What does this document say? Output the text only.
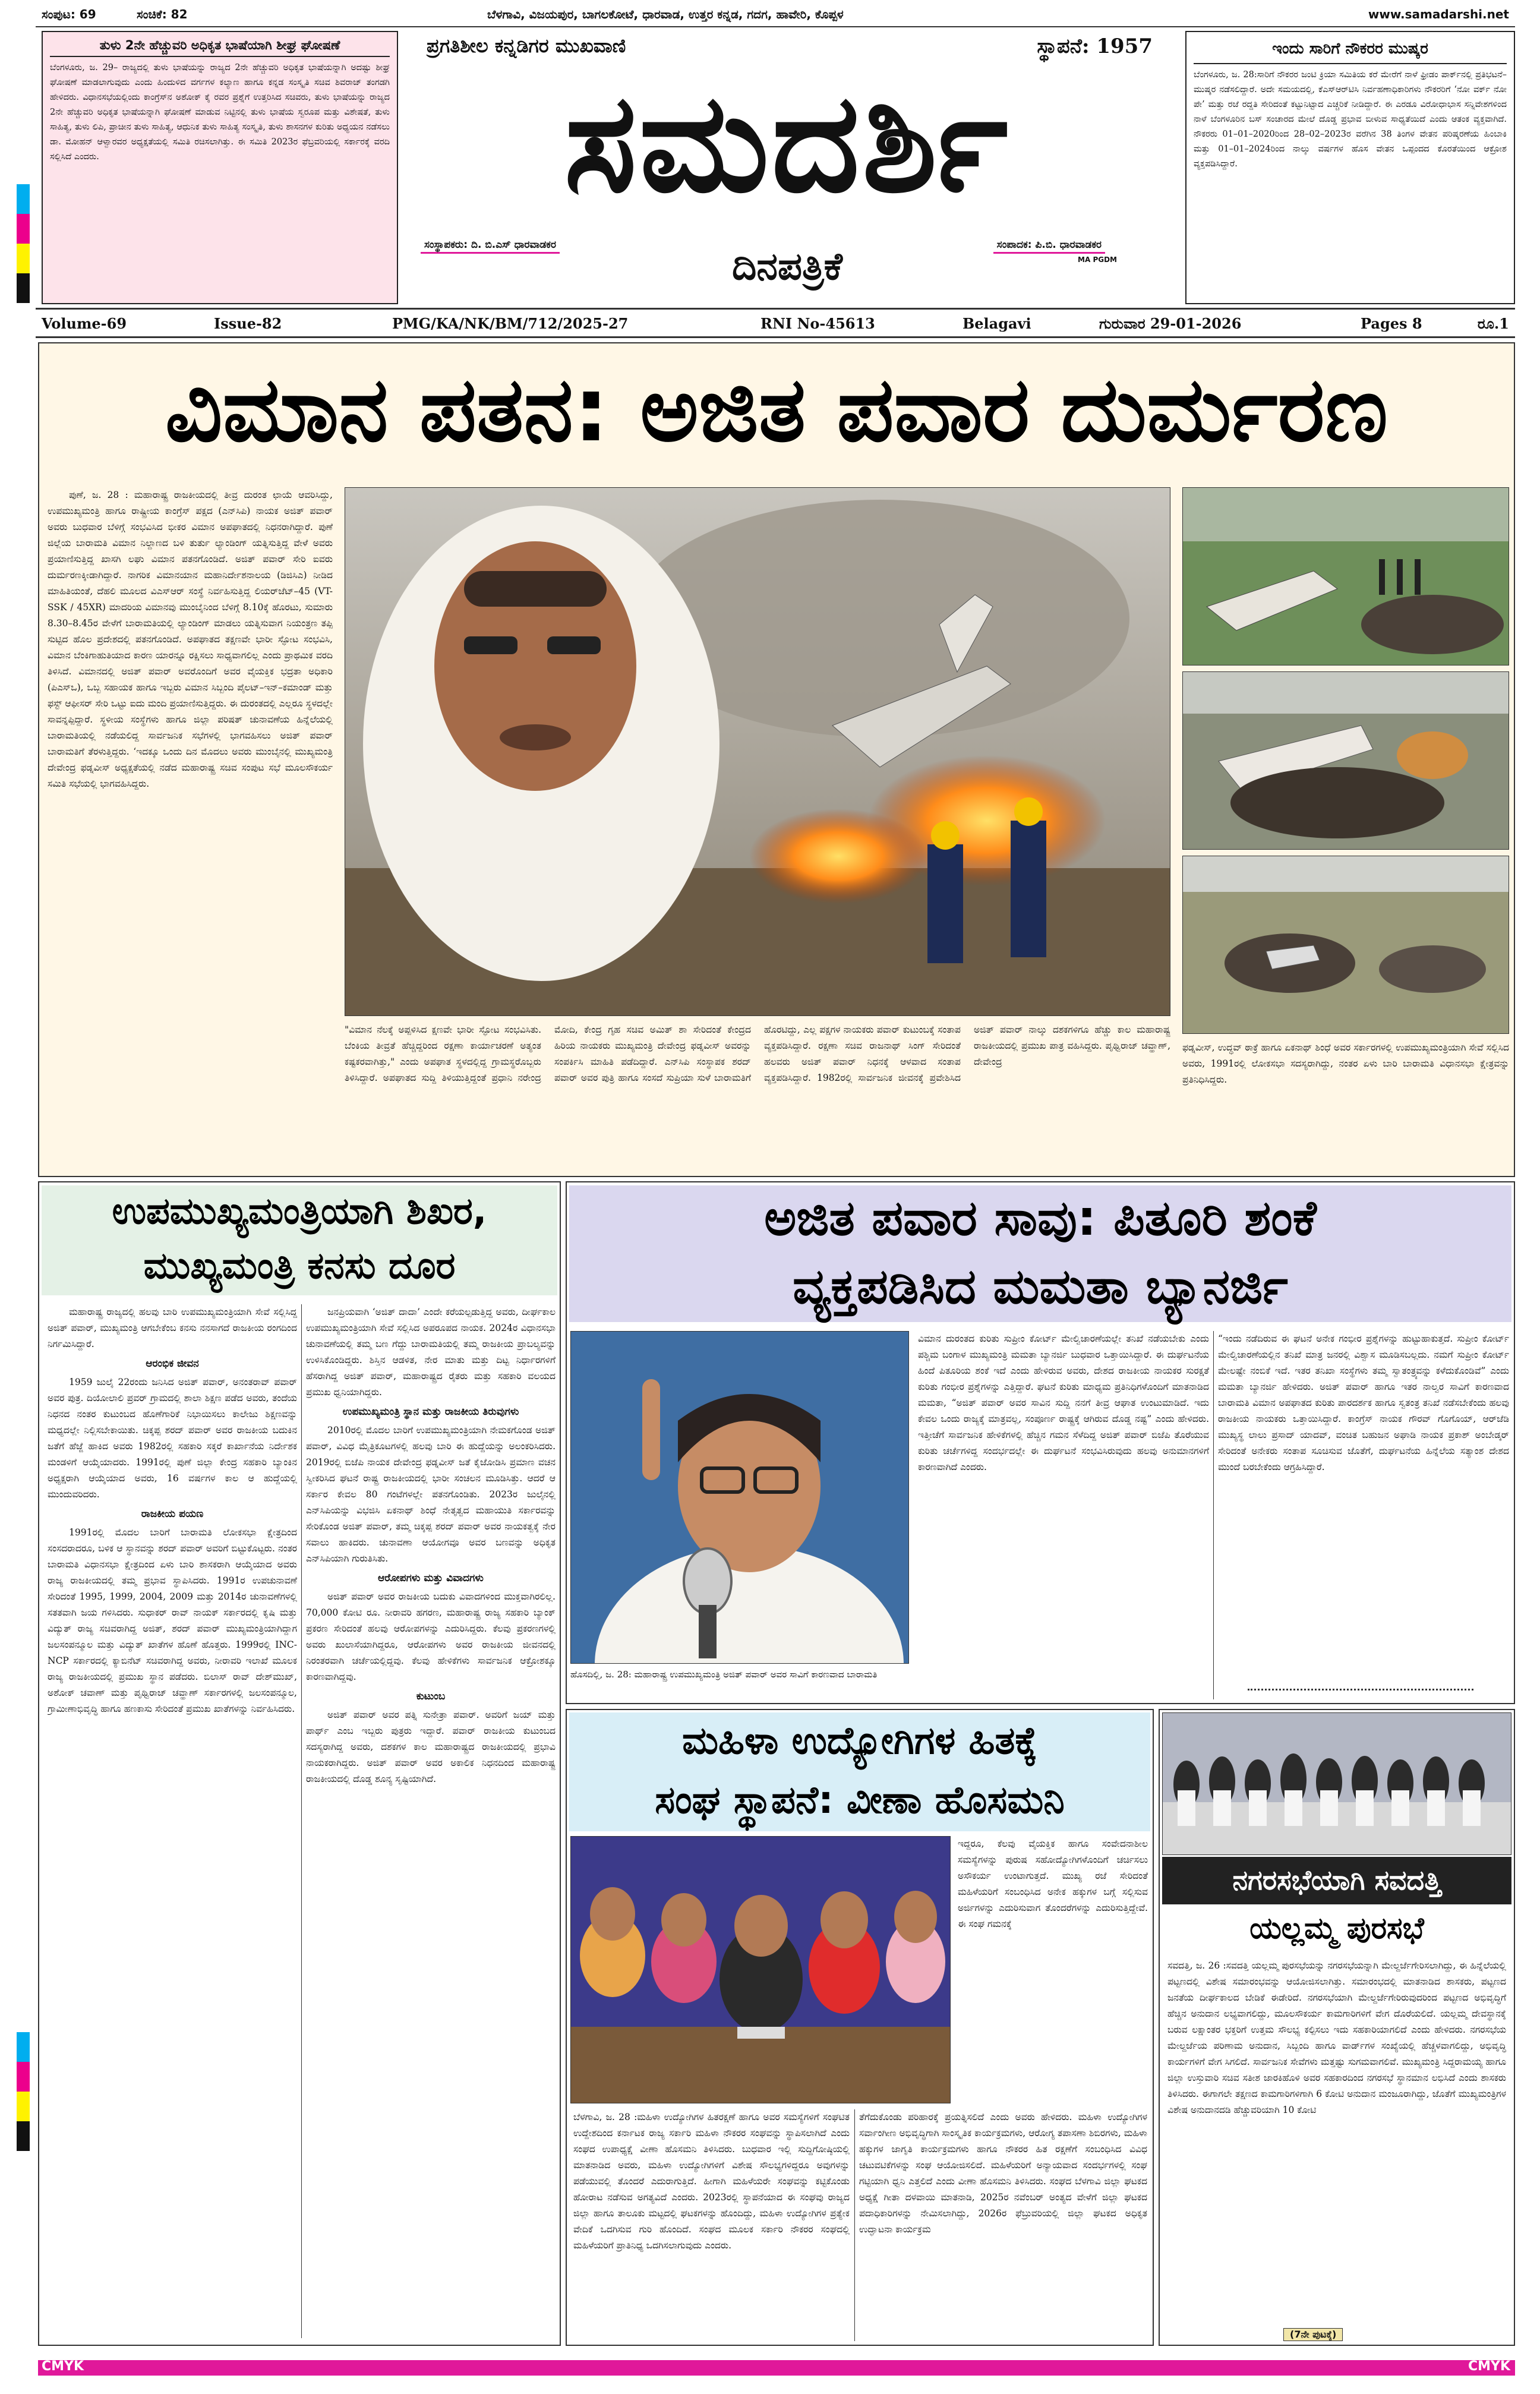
ಸಂಪುಟ: 69	ಸಂಚಿಕೆ: 82	ಬೆಳಗಾವಿ, ವಿಜಯಪುರ, ಬಾಗಲಕೋಟೆ, ಧಾರವಾಡ, ಉತ್ತರ ಕನ್ನಡ, ಗದಗ, ಹಾವೇರಿ, ಕೊಪ್ಪಳ	www.samadarshi.net
ತುಳು 2ನೇ ಹೆಚ್ಚುವರಿ ಅಧಿಕೃತ ಭಾಷೆಯಾಗಿ ಶೀಘ್ರ ಘೋಷಣೆ
ಬೆಂಗಳೂರು, ಜ. 29– ರಾಜ್ಯದಲ್ಲಿ ತುಳು ಭಾಷೆಯನ್ನು ರಾಜ್ಯದ 2ನೇ ಹೆಚ್ಚುವರಿ ಅಧಿಕೃತ ಭಾಷೆಯನ್ನಾಗಿ ಅದಷ್ಟು ಶೀಘ್ರ ಘೋಷಣೆ ಮಾಡಲಾಗುವುದು ಎಂದು ಹಿಂದುಳಿದ ವರ್ಗಗಳ ಕಲ್ಯಾಣ ಹಾಗೂ ಕನ್ನಡ ಸಂಸ್ಕೃತಿ ಸಚಿವ ಶಿವರಾಜ್ ತಂಗಡಗಿ ಹೇಳಿದರು. ವಿಧಾನಸಭೆಯಲ್ಲಿಂದು ಕಾಂಗ್ರೆಸ್‌ನ ಅಶೋಕ್ ಕೈ ರವರ ಪ್ರಶ್ನೆಗೆ ಉತ್ತರಿಸಿದ ಸಚಿವರು, ತುಳು ಭಾಷೆಯನ್ನು ರಾಜ್ಯದ 2ನೇ ಹೆಚ್ಚುವರಿ ಅಧಿಕೃತ ಭಾಷೆಯನ್ನಾಗಿ ಘೋಷಣೆ ಮಾಡುವ ನಿಟ್ಟಿನಲ್ಲಿ ತುಳು ಭಾಷೆಯ ಸ್ವರೂಪ ಮತ್ತು ವಿಶೇಷತೆ, ತುಳು ಸಾಹಿತ್ಯ, ತುಳು ಲಿಪಿ, ಪ್ರಾಚೀನ ತುಳು ಸಾಹಿತ್ಯ, ಆಧುನಿಕ ತುಳು ಸಾಹಿತ್ಯ ಸಂಸ್ಕೃತಿ, ತುಳು ಶಾಸನಗಳ ಕುರಿತು ಅಧ್ಯಯನ ನಡೆಸಲು ಡಾ. ಮೋಹನ್ ಆಳ್ವಾರವರ ಅಧ್ಯಕ್ಷತೆಯಲ್ಲಿ ಸಮಿತಿ ರಚಿಸಲಾಗಿತ್ತು. ಈ ಸಮಿತಿ 2023ರ ಫೆಬ್ರವರಿಯಲ್ಲಿ ಸರ್ಕಾರಕ್ಕೆ ವರದಿ ಸಲ್ಲಿಸಿದೆ ಎಂದರು.
ಪ್ರಗತಿಶೀಲ ಕನ್ನಡಿಗರ ಮುಖವಾಣಿ	ಸ್ಥಾಪನೆ: 1957
ಸಮದರ್ಶಿ
ಸಂಸ್ಥಾಪಕರು: ದಿ. ಬಿ.ಎಸ್ ಧಾರವಾಡಕರ	ದಿನಪತ್ರಿಕೆ	ಸಂಪಾದಕ: ಪಿ.ಬಿ. ಧಾರವಾಡಕರ
MA PGDM
ಇಂದು ಸಾರಿಗೆ ನೌಕರರ ಮುಷ್ಕರ
ಬೆಂಗಳೂರು, ಜ. 28:ಸಾರಿಗೆ ನೌಕರರ ಜಂಟಿ ಕ್ರಿಯಾ ಸಮಿತಿಯ ಕರೆ ಮೇರೆಗೆ ನಾಳೆ ಫ್ರೀಡಂ ಪಾರ್ಕ್‌ನಲ್ಲಿ ಪ್ರತಿಭಟನೆ–ಮುಷ್ಕರ ನಡೆಸಲಿದ್ದಾರೆ. ಅದೇ ಸಮಯದಲ್ಲಿ, ಕೆಎಸ್‌ಆರ್‌ಟಿಸಿ ನಿರ್ವಹಣಾಧಿಕಾರಿಗಳು ನೌಕರರಿಗೆ ‘ನೋ ವರ್ಕ್ ನೋ ಪೇ’ ಮತ್ತು ರಜೆ ರದ್ದತಿ ಸೇರಿದಂತೆ ಕಟ್ಟುನಿಟ್ಟಾದ ಎಚ್ಚರಿಕೆ ನೀಡಿದ್ದಾರೆ. ಈ ಎರಡೂ ವಿರೋಧಾಭಾಸ ಸನ್ನಿವೇಶಗಳಿಂದ ನಾಳೆ ಬೆಂಗಳೂರಿನ ಬಸ್ ಸಂಚಾರದ ಮೇಲೆ ದೊಡ್ಡ ಪ್ರಭಾವ ಬೀಳುವ ಸಾಧ್ಯತೆಯಿದೆ ಎಂದು ಆತಂಕ ವ್ಯಕ್ತವಾಗಿದೆ. ನೌಕರರು 01–01–2020ರಿಂದ 28–02–2023ರ ವರೆಗಿನ 38 ತಿಂಗಳ ವೇತನ ಪರಿಷ್ಕರಣೆಯ ಹಿಂಬಾಕಿ ಮತ್ತು 01–01–2024ರಿಂದ ನಾಲ್ಕು ವರ್ಷಗಳ ಹೊಸ ವೇತನ ಒಪ್ಪಂದದ ಕೊರತೆಯಿಂದ ಆಕ್ರೋಶ ವ್ಯಕ್ತಪಡಿಸಿದ್ದಾರೆ.
Volume-69	Issue-82	PMG/KA/NK/BM/712/2025-27	RNI No-45613	Belagavi	ಗುರುವಾರ 29-01-2026	Pages 8	ರೂ.1
ವಿಮಾನ ಪತನ: ಅಜಿತ ಪವಾರ ದುರ್ಮರಣ
ಪುಣೆ, ಜ. 28 : ಮಹಾರಾಷ್ಟ್ರ ರಾಜಕೀಯದಲ್ಲಿ ತೀವ್ರ ದುರಂತ ಛಾಯೆ ಆವರಿಸಿದ್ದು, ಉಪಮುಖ್ಯಮಂತ್ರಿ ಹಾಗೂ ರಾಷ್ಟ್ರೀಯ ಕಾಂಗ್ರೆಸ್ ಪಕ್ಷದ (ಎನ್‌ಸಿಪಿ) ನಾಯಕ ಅಜಿತ್ ಪವಾರ್ ಅವರು ಬುಧವಾರ ಬೆಳಿಗ್ಗೆ ಸಂಭವಿಸಿದ ಭೀಕರ ವಿಮಾನ ಅಪಘಾತದಲ್ಲಿ ನಿಧನರಾಗಿದ್ದಾರೆ. ಪುಣೆ ಜಿಲ್ಲೆಯ ಬಾರಾಮತಿ ವಿಮಾನ ನಿಲ್ದಾಣದ ಬಳಿ ತುರ್ತು ಲ್ಯಾಂಡಿಂಗ್ ಯತ್ನಿಸುತ್ತಿದ್ದ ವೇಳೆ ಅವರು ಪ್ರಯಾಣಿಸುತ್ತಿದ್ದ ಖಾಸಗಿ ಲಘು ವಿಮಾನ ಪತನಗೊಂಡಿದೆ. ಅಜಿತ್ ಪವಾರ್ ಸೇರಿ ಐವರು ದುರ್ಮರಣಕ್ಕೀಡಾಗಿದ್ದಾರೆ. ನಾಗರಿಕ ವಿಮಾನಯಾನ ಮಹಾನಿರ್ದೇಶನಾಲಯ (ಡಿಜಿಸಿಎ) ನೀಡಿದ ಮಾಹಿತಿಯಂತೆ, ದೆಹಲಿ ಮೂಲದ ವಿಎಸ್‌ಆರ್ ಸಂಸ್ಥೆ ನಿರ್ವಹಿಸುತ್ತಿದ್ದ ಲಿಯರ್‌ಜೆಟ್–45 (VT-SSK / 45XR) ಮಾದರಿಯ ವಿಮಾನವು ಮುಂಬೈನಿಂದ ಬೆಳಿಗ್ಗೆ 8.10ಕ್ಕೆ ಹೊರಟು, ಸುಮಾರು 8.30–8.45ರ ವೇಳೆಗೆ ಬಾರಾಮತಿಯಲ್ಲಿ ಲ್ಯಾಂಡಿಂಗ್ ಮಾಡಲು ಯತ್ನಿಸುವಾಗ ನಿಯಂತ್ರಣ ತಪ್ಪಿ ಸುಟ್ಟಿದ ಹೊಲ ಪ್ರದೇಶದಲ್ಲಿ ಪತನಗೊಂಡಿದೆ. ಅಪಘಾತದ ತಕ್ಷಣವೇ ಭಾರೀ ಸ್ಫೋಟ ಸಂಭವಿಸಿ, ವಿಮಾನ ಬೆಂಕಿಗಾಹುತಿಯಾದ ಕಾರಣ ಯಾರನ್ನೂ ರಕ್ಷಿಸಲು ಸಾಧ್ಯವಾಗಲಿಲ್ಲ ಎಂದು ಪ್ರಾಥಮಿಕ ವರದಿ ತಿಳಿಸಿದೆ. ವಿಮಾನದಲ್ಲಿ ಅಜಿತ್ ಪವಾರ್ ಅವರೊಂದಿಗೆ ಅವರ ವೈಯಕ್ತಿಕ ಭದ್ರತಾ ಅಧಿಕಾರಿ (ಪಿಎಸ್‌ಒ), ಒಬ್ಬ ಸಹಾಯಕ ಹಾಗೂ ಇಬ್ಬರು ವಿಮಾನ ಸಿಬ್ಬಂದಿ ಪೈಲಟ್–ಇನ್–ಕಮಾಂಡ್ ಮತ್ತು ಫಸ್ಟ್ ಆಫೀಸರ್ ಸೇರಿ ಒಟ್ಟು ಐದು ಮಂದಿ ಪ್ರಯಾಣಿಸುತ್ತಿದ್ದರು. ಈ ದುರಂತದಲ್ಲಿ ಎಲ್ಲರೂ ಸ್ಥಳದಲ್ಲೇ ಸಾವನ್ನಪ್ಪಿದ್ದಾರೆ. ಸ್ಥಳೀಯ ಸಂಸ್ಥೆಗಳು ಹಾಗೂ ಜಿಲ್ಲಾ ಪರಿಷತ್ ಚುನಾವಣೆಯ ಹಿನ್ನೆಲೆಯಲ್ಲಿ ಬಾರಾಮತಿಯಲ್ಲಿ ನಡೆಯಲಿದ್ದ ಸಾರ್ವಜನಿಕ ಸಭೆಗಳಲ್ಲಿ ಭಾಗವಹಿಸಲು ಅಜಿತ್ ಪವಾರ್ ಬಾರಾಮತಿಗೆ ತೆರಳುತ್ತಿದ್ದರು. ‘ಇದಕ್ಕೂ ಒಂದು ದಿನ ಮೊದಲು ಅವರು ಮುಂಬೈನಲ್ಲಿ ಮುಖ್ಯಮಂತ್ರಿ ದೇವೇಂದ್ರ ಫಡ್ನವೀಸ್ ಅಧ್ಯಕ್ಷತೆಯಲ್ಲಿ ನಡೆದ ಮಹಾರಾಷ್ಟ್ರ ಸಚಿವ ಸಂಪುಟ ಸಭೆ ಮೂಲಸೌಕರ್ಯ ಸಮಿತಿ ಸಭೆಯಲ್ಲಿ ಭಾಗವಹಿಸಿದ್ದರು.
"ವಿಮಾನ ನೆಲಕ್ಕೆ ಅಪ್ಪಳಿಸಿದ ಕ್ಷಣವೇ ಭಾರೀ ಸ್ಫೋಟ ಸಂಭವಿಸಿತು. ಬೆಂಕಿಯ ತೀವ್ರತೆ ಹೆಚ್ಚಿದ್ದರಿಂದ ರಕ್ಷಣಾ ಕಾರ್ಯಾಚರಣೆ ಅತ್ಯಂತ ಕಷ್ಟಕರವಾಗಿತ್ತು," ಎಂದು ಅಪಘಾತ ಸ್ಥಳದಲ್ಲಿದ್ದ ಗ್ರಾಮಸ್ಥರೊಬ್ಬರು ತಿಳಿಸಿದ್ದಾರೆ. ಅಪಘಾತದ ಸುದ್ದಿ ತಿಳಿಯುತ್ತಿದ್ದಂತೆ ಪ್ರಧಾನಿ ನರೇಂದ್ರ ಮೋದಿ, ಕೇಂದ್ರ ಗೃಹ ಸಚಿವ ಅಮಿತ್ ಶಾ ಸೇರಿದಂತೆ ಕೇಂದ್ರದ ಹಿರಿಯ ನಾಯಕರು ಮುಖ್ಯಮಂತ್ರಿ ದೇವೇಂದ್ರ ಫಡ್ನವೀಸ್ ಅವರನ್ನು ಸಂಪರ್ಕಿಸಿ ಮಾಹಿತಿ ಪಡೆದಿದ್ದಾರೆ. ಎನ್‌ಸಿಪಿ ಸಂಸ್ಥಾಪಕ ಶರದ್ ಪವಾರ್ ಅವರ ಪುತ್ರಿ ಹಾಗೂ ಸಂಸದೆ ಸುಪ್ರಿಯಾ ಸುಳೆ ಬಾರಾಮತಿಗೆ ಹೊರಟಿದ್ದು, ಎಲ್ಲ ಪಕ್ಷಗಳ ನಾಯಕರು ಪವಾರ್ ಕುಟುಂಬಕ್ಕೆ ಸಂತಾಪ ವ್ಯಕ್ತಪಡಿಸಿದ್ದಾರೆ. ರಕ್ಷಣಾ ಸಚಿವ ರಾಜನಾಥ್ ಸಿಂಗ್ ಸೇರಿದಂತೆ ಹಲವರು ಅಜಿತ್ ಪವಾರ್ ನಿಧನಕ್ಕೆ ಆಳವಾದ ಸಂತಾಪ ವ್ಯಕ್ತಪಡಿಸಿದ್ದಾರೆ. 1982ರಲ್ಲಿ ಸಾರ್ವಜನಿಕ ಜೀವನಕ್ಕೆ ಪ್ರವೇಶಿಸಿದ ಅಜಿತ್ ಪವಾರ್ ನಾಲ್ಕು ದಶಕಗಳಿಗೂ ಹೆಚ್ಚು ಕಾಲ ಮಹಾರಾಷ್ಟ್ರ ರಾಜಕೀಯದಲ್ಲಿ ಪ್ರಮುಖ ಪಾತ್ರ ವಹಿಸಿದ್ದರು. ಪೃಥ್ವಿರಾಜ್ ಚವ್ಹಾಣ್, ದೇವೇಂದ್ರ
ಫಡ್ನವೀಸ್, ಉದ್ಧವ್ ಠಾಕ್ರೆ ಹಾಗೂ ಏಕನಾಥ್ ಶಿಂಧೆ ಅವರ ಸರ್ಕಾರಗಳಲ್ಲಿ ಉಪಮುಖ್ಯಮಂತ್ರಿಯಾಗಿ ಸೇವೆ ಸಲ್ಲಿಸಿದ ಅವರು, 1991ರಲ್ಲಿ ಲೋಕಸಭಾ ಸದಸ್ಯರಾಗಿದ್ದು, ನಂತರ ಏಳು ಬಾರಿ ಬಾರಾಮತಿ ವಿಧಾನಸಭಾ ಕ್ಷೇತ್ರವನ್ನು ಪ್ರತಿನಿಧಿಸಿದ್ದರು.
ಉಪಮುಖ್ಯಮಂತ್ರಿಯಾಗಿ ಶಿಖರ,
ಮುಖ್ಯಮಂತ್ರಿ ಕನಸು ದೂರ

ಮಹಾರಾಷ್ಟ್ರ ರಾಜ್ಯದಲ್ಲಿ ಹಲವು ಬಾರಿ ಉಪಮುಖ್ಯಮಂತ್ರಿಯಾಗಿ ಸೇವೆ ಸಲ್ಲಿಸಿದ್ದ ಅಜಿತ್ ಪವಾರ್, ಮುಖ್ಯಮಂತ್ರಿ ಆಗಬೇಕೆಂಬ ಕನಸು ನನಸಾಗದೆ ರಾಜಕೀಯ ರಂಗದಿಂದ ನಿರ್ಗಮಿಸಿದ್ದಾರೆ.

ಆರಂಭಿಕ ಜೀವನ

1959 ಜುಲೈ 22ರಂದು ಜನಿಸಿದ ಅಜಿತ್ ಪವಾರ್, ಅನಂತರಾವ್ ಪವಾರ್ ಅವರ ಪುತ್ರ. ದಿಯೋಲಾಲಿ ಪ್ರವರ್ ಗ್ರಾಮದಲ್ಲಿ ಶಾಲಾ ಶಿಕ್ಷಣ ಪಡೆದ ಅವರು, ತಂದೆಯ ನಿಧನದ ನಂತರ ಕುಟುಂಬದ ಹೊಣೆಗಾರಿಕೆ ನಿಭಾಯಿಸಲು ಕಾಲೇಜು ಶಿಕ್ಷಣವನ್ನು ಮಧ್ಯದಲ್ಲೇ ನಿಲ್ಲಿಸಬೇಕಾಯಿತು. ಚಿಕ್ಕಪ್ಪ ಶರದ್ ಪವಾರ್ ಅವರ ರಾಜಕೀಯ ಬದುಕಿನ ಜತೆಗೆ ಹೆಜ್ಜೆ ಹಾಕಿದ ಅವರು 1982ರಲ್ಲಿ ಸಹಕಾರಿ ಸಕ್ಕರೆ ಕಾರ್ಖಾನೆಯ ನಿರ್ದೇಶಕ ಮಂಡಳಿಗೆ ಆಯ್ಕೆಯಾದರು. 1991ರಲ್ಲಿ ಪುಣೆ ಜಿಲ್ಲಾ ಕೇಂದ್ರ ಸಹಕಾರಿ ಬ್ಯಾಂಕಿನ ಅಧ್ಯಕ್ಷರಾಗಿ ಆಯ್ಕೆಯಾದ ಅವರು, 16 ವರ್ಷಗಳ ಕಾಲ ಆ ಹುದ್ದೆಯಲ್ಲಿ ಮುಂದುವರಿದರು.

ರಾಜಕೀಯ ಪಯಣ

1991ರಲ್ಲಿ ಮೊದಲ ಬಾರಿಗೆ ಬಾರಾಮತಿ ಲೋಕಸಭಾ ಕ್ಷೇತ್ರದಿಂದ ಸಂಸದರಾದರೂ, ಬಳಿಕ ಆ ಸ್ಥಾನವನ್ನು ಶರದ್ ಪವಾರ್ ಅವರಿಗೆ ಬಿಟ್ಟುಕೊಟ್ಟರು. ನಂತರ ಬಾರಾಮತಿ ವಿಧಾನಸಭಾ ಕ್ಷೇತ್ರದಿಂದ ಏಳು ಬಾರಿ ಶಾಸಕರಾಗಿ ಆಯ್ಕೆಯಾದ ಅವರು ರಾಜ್ಯ ರಾಜಕೀಯದಲ್ಲಿ ತಮ್ಮ ಪ್ರಭಾವ ಸ್ಥಾಪಿಸಿದರು. 1991ರ ಉಪಚುನಾವಣೆ ಸೇರಿದಂತೆ 1995, 1999, 2004, 2009 ಮತ್ತು 2014ರ ಚುನಾವಣೆಗಳಲ್ಲಿ ಸತತವಾಗಿ ಜಯ ಗಳಿಸಿದರು. ಸುಧಾಕರ್ ರಾವ್ ನಾಯಕ್ ಸರ್ಕಾರದಲ್ಲಿ ಕೃಷಿ ಮತ್ತು ವಿದ್ಯುತ್ ರಾಜ್ಯ ಸಚಿವರಾಗಿದ್ದ ಅಜಿತ್, ಶರದ್ ಪವಾರ್ ಮುಖ್ಯಮಂತ್ರಿಯಾಗಿದ್ದಾಗ ಜಲಸಂಪನ್ಮೂಲ ಮತ್ತು ವಿದ್ಯುತ್ ಖಾತೆಗಳ ಹೊಣೆ ಹೊತ್ತರು. 1999ರಲ್ಲಿ INC-NCP ಸರ್ಕಾರದಲ್ಲಿ ಕ್ಯಾಬಿನೆಟ್ ಸಚಿವರಾಗಿದ್ದ ಅವರು, ನೀರಾವರಿ ಇಲಾಖೆ ಮೂಲಕ ರಾಜ್ಯ ರಾಜಕೀಯದಲ್ಲಿ ಪ್ರಮುಖ ಸ್ಥಾನ ಪಡೆದರು. ಬಿಲಾಸ್ ರಾವ್ ದೇಶ್‌ಮುಖ್, ಅಶೋಕ್ ಚವಾಣ್ ಮತ್ತು ಪೃಥ್ವಿರಾಜ್ ಚವ್ಹಾಣ್ ಸರ್ಕಾರಗಳಲ್ಲಿ ಜಲಸಂಪನ್ಮೂಲ, ಗ್ರಾಮೀಣಾಭಿವೃದ್ಧಿ ಹಾಗೂ ಹಣಕಾಸು ಸೇರಿದಂತೆ ಪ್ರಮುಖ ಖಾತೆಗಳನ್ನು ನಿರ್ವಹಿಸಿದರು.

ಜನಪ್ರಿಯವಾಗಿ ‘ಅಜಿತ್ ದಾದಾ’ ಎಂದೇ ಕರೆಯಲ್ಪಡುತ್ತಿದ್ದ ಅವರು, ದೀರ್ಘಕಾಲ ಉಪಮುಖ್ಯಮಂತ್ರಿಯಾಗಿ ಸೇವೆ ಸಲ್ಲಿಸಿದ ಅಪರೂಪದ ನಾಯಕ. 2024ರ ವಿಧಾನಸಭಾ ಚುನಾವಣೆಯಲ್ಲಿ ತಮ್ಮ ಬಣ ಗೆದ್ದು ಬಾರಾಮತಿಯಲ್ಲಿ ತಮ್ಮ ರಾಜಕೀಯ ಪ್ರಾಬಲ್ಯವನ್ನು ಉಳಿಸಿಕೊಂಡಿದ್ದರು. ಶಿಸ್ತಿನ ಆಡಳಿತ, ನೇರ ಮಾತು ಮತ್ತು ದಿಟ್ಟ ನಿರ್ಧಾರಗಳಿಗೆ ಹೆಸರಾಗಿದ್ದ ಅಜಿತ್ ಪವಾರ್, ಮಹಾರಾಷ್ಟ್ರದ ರೈತರು ಮತ್ತು ಸಹಕಾರಿ ವಲಯದ ಪ್ರಮುಖ ಧ್ವನಿಯಾಗಿದ್ದರು.

ಉಪಮುಖ್ಯಮಂತ್ರಿ ಸ್ಥಾನ ಮತ್ತು ರಾಜಕೀಯ ತಿರುವುಗಳು

2010ರಲ್ಲಿ ಮೊದಲ ಬಾರಿಗೆ ಉಪಮುಖ್ಯಮಂತ್ರಿಯಾಗಿ ನೇಮಕಗೊಂಡ ಅಜಿತ್ ಪವಾರ್, ವಿವಿಧ ಮೈತ್ರಿಕೂಟಗಳಲ್ಲಿ ಹಲವು ಬಾರಿ ಈ ಹುದ್ದೆಯನ್ನು ಅಲಂಕರಿಸಿದರು. 2019ರಲ್ಲಿ ಬಿಜೆಪಿ ನಾಯಕ ದೇವೇಂದ್ರ ಫಡ್ನವೀಸ್ ಜತೆ ಕೈಜೋಡಿಸಿ ಪ್ರಮಾಣ ವಚನ ಸ್ವೀಕರಿಸಿದ ಘಟನೆ ರಾಷ್ಟ್ರ ರಾಜಕೀಯದಲ್ಲಿ ಭಾರೀ ಸಂಚಲನ ಮೂಡಿಸಿತ್ತು. ಆದರೆ ಆ ಸರ್ಕಾರ ಕೇವಲ 80 ಗಂಟೆಗಳಲ್ಲೇ ಪತನಗೊಂಡಿತು. 2023ರ ಜುಲೈನಲ್ಲಿ ಎನ್‌ಸಿಪಿಯನ್ನು ವಿಭಜಿಸಿ ಏಕನಾಥ್ ಶಿಂಧೆ ನೇತೃತ್ವದ ಮಹಾಯುತಿ ಸರ್ಕಾರವನ್ನು ಸೇರಿಕೊಂಡ ಅಜಿತ್ ಪವಾರ್, ತಮ್ಮ ಚಿಕ್ಕಪ್ಪ ಶರದ್ ಪವಾರ್ ಅವರ ನಾಯಕತ್ವಕ್ಕೆ ನೇರ ಸವಾಲು ಹಾಕಿದರು. ಚುನಾವಣಾ ಆಯೋಗವೂ ಅವರ ಬಣವನ್ನು ಅಧಿಕೃತ ಎನ್‌ಸಿಪಿಯಾಗಿ ಗುರುತಿಸಿತು.

ಆರೋಪಗಳು ಮತ್ತು ವಿವಾದಗಳು

ಅಜಿತ್ ಪವಾರ್ ಅವರ ರಾಜಕೀಯ ಬದುಕು ವಿವಾದಗಳಿಂದ ಮುಕ್ತವಾಗಿರಲಿಲ್ಲ. 70,000 ಕೋಟಿ ರೂ. ನೀರಾವರಿ ಹಗರಣ, ಮಹಾರಾಷ್ಟ್ರ ರಾಜ್ಯ ಸಹಕಾರಿ ಬ್ಯಾಂಕ್ ಪ್ರಕರಣ ಸೇರಿದಂತೆ ಹಲವು ಆರೋಪಗಳನ್ನು ಎದುರಿಸಿದ್ದರು. ಕೆಲವು ಪ್ರಕರಣಗಳಲ್ಲಿ ಅವರು ಖುಲಾಸೆಯಾಗಿದ್ದರೂ, ಆರೋಪಗಳು ಅವರ ರಾಜಕೀಯ ಜೀವನದಲ್ಲಿ ನಿರಂತರವಾಗಿ ಚರ್ಚೆಯಲ್ಲಿದ್ದವು. ಕೆಲವು ಹೇಳಿಕೆಗಳು ಸಾರ್ವಜನಿಕ ಆಕ್ರೋಶಕ್ಕೂ ಕಾರಣವಾಗಿದ್ದವು.

ಕುಟುಂಬ

ಅಜಿತ್ ಪವಾರ್ ಅವರ ಪತ್ನಿ ಸುನೇತ್ರಾ ಪವಾರ್. ಅವರಿಗೆ ಜಯ್ ಮತ್ತು ಪಾರ್ಥ್ ಎಂಬ ಇಬ್ಬರು ಪುತ್ರರು ಇದ್ದಾರೆ. ಪವಾರ್ ರಾಜಕೀಯ ಕುಟುಂಬದ ಸದಸ್ಯರಾಗಿದ್ದ ಅವರು, ದಶಕಗಳ ಕಾಲ ಮಹಾರಾಷ್ಟ್ರದ ರಾಜಕೀಯದಲ್ಲಿ ಪ್ರಭಾವಿ ನಾಯಕರಾಗಿದ್ದರು. ಅಜಿತ್ ಪವಾರ್ ಅವರ ಅಕಾಲಿಕ ನಿಧನದಿಂದ ಮಹಾರಾಷ್ಟ್ರ ರಾಜಕೀಯದಲ್ಲಿ ದೊಡ್ಡ ಶೂನ್ಯ ಸೃಷ್ಟಿಯಾಗಿದೆ.

ಅಜಿತ ಪವಾರ ಸಾವು: ಪಿತೂರಿ ಶಂಕೆ
ವ್ಯಕ್ತಪಡಿಸಿದ ಮಮತಾ ಬ್ಯಾನರ್ಜಿ
ಹೊಸದಿಲ್ಲಿ, ಜ. 28: ಮಹಾರಾಷ್ಟ್ರ ಉಪಮುಖ್ಯಮಂತ್ರಿ ಅಜಿತ್ ಪವಾರ್ ಅವರ ಸಾವಿಗೆ ಕಾರಣವಾದ ಬಾರಾಮತಿ
ವಿಮಾನ ದುರಂತದ ಕುರಿತು ಸುಪ್ರೀಂ ಕೋರ್ಟ್ ಮೇಲ್ವಿಚಾರಣೆಯಲ್ಲೇ ತನಿಖೆ ನಡೆಯಬೇಕು ಎಂದು ಪಶ್ಚಿಮ ಬಂಗಾಳ ಮುಖ್ಯಮಂತ್ರಿ ಮಮತಾ ಬ್ಯಾನರ್ಜಿ ಬುಧವಾರ ಒತ್ತಾಯಿಸಿದ್ದಾರೆ. ಈ ದುರ್ಘಟನೆಯ ಹಿಂದೆ ಪಿತೂರಿಯ ಶಂಕೆ ಇದೆ ಎಂದು ಹೇಳಿರುವ ಅವರು, ದೇಶದ ರಾಜಕೀಯ ನಾಯಕರ ಸುರಕ್ಷತೆ ಕುರಿತು ಗಂಭೀರ ಪ್ರಶ್ನೆಗಳನ್ನು ಎತ್ತಿದ್ದಾರೆ. ಘಟನೆ ಕುರಿತು ಮಾಧ್ಯಮ ಪ್ರತಿನಿಧಿಗಳೊಂದಿಗೆ ಮಾತನಾಡಿದ ಮಮತಾ, “ಅಜಿತ್ ಪವಾರ್ ಅವರ ಸಾವಿನ ಸುದ್ದಿ ನನಗೆ ತೀವ್ರ ಆಘಾತ ಉಂಟುಮಾಡಿದೆ. ಇದು ಕೇವಲ ಒಂದು ರಾಜ್ಯಕ್ಕೆ ಮಾತ್ರವಲ್ಲ, ಸಂಪೂರ್ಣ ರಾಷ್ಟ್ರಕ್ಕೆ ಆಗಿರುವ ದೊಡ್ಡ ನಷ್ಟ” ಎಂದು ಹೇಳಿದರು. ಇತ್ತೀಚೆಗೆ ಸಾರ್ವಜನಿಕ ಹೇಳಿಕೆಗಳಲ್ಲಿ ಹೆಚ್ಚಿನ ಗಮನ ಸೆಳೆದಿದ್ದ ಅಜಿತ್ ಪವಾರ್ ಬಿಜೆಪಿ ತೊರೆಯುವ ಕುರಿತು ಚರ್ಚೆಗಳಿದ್ದ ಸಂದರ್ಭದಲ್ಲೇ ಈ ದುರ್ಘಟನೆ ಸಂಭವಿಸಿರುವುದು ಹಲವು ಅನುಮಾನಗಳಿಗೆ ಕಾರಣವಾಗಿದೆ ಎಂದರು.
“ಇಂದು ನಡೆದಿರುವ ಈ ಘಟನೆ ಅನೇಕ ಗಂಭೀರ ಪ್ರಶ್ನೆಗಳನ್ನು ಹುಟ್ಟುಹಾಕುತ್ತದೆ. ಸುಪ್ರೀಂ ಕೋರ್ಟ್ ಮೇಲ್ವಿಚಾರಣೆಯಲ್ಲಿನ ತನಿಖೆ ಮಾತ್ರ ಜನರಲ್ಲಿ ವಿಶ್ವಾಸ ಮೂಡಿಸಬಲ್ಲದು. ನಮಗೆ ಸುಪ್ರೀಂ ಕೋರ್ಟ್ ಮೇಲಷ್ಟೇ ನಂಬಿಕೆ ಇದೆ. ಇತರ ತನಿಖಾ ಸಂಸ್ಥೆಗಳು ತಮ್ಮ ಸ್ವಾತಂತ್ರ್ಯವನ್ನು ಕಳೆದುಕೊಂಡಿವೆ” ಎಂದು ಮಮತಾ ಬ್ಯಾನರ್ಜಿ ಹೇಳಿದರು. ಅಜಿತ್ ಪವಾರ್ ಹಾಗೂ ಇತರ ನಾಲ್ವರ ಸಾವಿಗೆ ಕಾರಣವಾದ ಬಾರಾಮತಿ ವಿಮಾನ ಅಪಘಾತದ ಕುರಿತು ಪಾರದರ್ಶಕ ಹಾಗೂ ಸ್ವತಂತ್ರ ತನಿಖೆ ನಡೆಸಬೇಕೆಂದು ಹಲವು ರಾಜಕೀಯ ನಾಯಕರು ಒತ್ತಾಯಿಸಿದ್ದಾರೆ. ಕಾಂಗ್ರೆಸ್ ನಾಯಕ ಗೌರವ್ ಗೊಗೊಯ್, ಆರ್‌ಜೆಡಿ ಮುಖ್ಯಸ್ಥ ಲಾಲು ಪ್ರಸಾದ್ ಯಾದವ್, ವಂಚಿತ ಬಹುಜನ ಅಘಾಡಿ ನಾಯಕ ಪ್ರಕಾಶ್ ಅಂಬೇಡ್ಕರ್ ಸೇರಿದಂತೆ ಅನೇಕರು ಸಂತಾಪ ಸೂಚಿಸುವ ಜೊತೆಗೆ, ದುರ್ಘಟನೆಯ ಹಿನ್ನೆಲೆಯ ಸತ್ಯಾಂಶ ದೇಶದ ಮುಂದೆ ಬರಬೇಕೆಂದು ಆಗ್ರಹಿಸಿದ್ದಾರೆ.
ಮಹಿಳಾ ಉದ್ಯೋಗಿಗಳ ಹಿತಕ್ಕೆ
ಸಂಘ ಸ್ಥಾಪನೆ: ವೀಣಾ ಹೊಸಮನಿ
ಇದ್ದರೂ, ಕೆಲವು ವೈಯಕ್ತಿಕ ಹಾಗೂ ಸಂವೇದನಾಶೀಲ ಸಮಸ್ಯೆಗಳನ್ನು ಪುರುಷ ಸಹೋದ್ಯೋಗಿಗಳೊಂದಿಗೆ ಚರ್ಚಿಸಲು ಅಸೌಕರ್ಯ ಉಂಟಾಗುತ್ತದೆ. ಮುಖ್ಯ ರಜೆ ಸೇರಿದಂತೆ ಮಹಿಳೆಯರಿಗೆ ಸಂಬಂಧಿಸಿದ ಅನೇಕ ಹಕ್ಕುಗಳ ಬಗ್ಗೆ ಸಲ್ಲಿಸುವ ಅರ್ಜಿಗಳನ್ನು ಎದುರಿಸುವಾಗ ತೊಂದರೆಗಳನ್ನು ಎದುರಿಸುತ್ತಿದ್ದೇವೆ. ಈ ಸಂಘ ಗಮನಕ್ಕೆ
ಬೆಳಗಾವಿ, ಜ. 28 :ಮಹಿಳಾ ಉದ್ಯೋಗಿಗಳ ಹಿತರಕ್ಷಣೆ ಹಾಗೂ ಅವರ ಸಮಸ್ಯೆಗಳಿಗೆ ಸಂಘಟಿತ ಉದ್ದೇಶದಿಂದ ಕರ್ನಾಟಕ ರಾಜ್ಯ ಸರ್ಕಾರಿ ಮಹಿಳಾ ನೌಕರರ ಸಂಘವನ್ನು ಸ್ಥಾಪಿಸಲಾಗಿದೆ ಎಂದು ಸಂಘದ ಉಪಾಧ್ಯಕ್ಷೆ ವೀಣಾ ಹೊಸಮನಿ ತಿಳಿಸಿದರು. ಬುಧವಾರ ಇಲ್ಲಿ ಸುದ್ದಿಗೋಷ್ಠಿಯಲ್ಲಿ ಮಾತನಾಡಿದ ಅವರು, ಮಹಿಳಾ ಉದ್ಯೋಗಿಗಳಿಗೆ ವಿಶೇಷ ಸೌಲಭ್ಯಗಳಿದ್ದರೂ ಅವುಗಳನ್ನು ಪಡೆಯುವಲ್ಲಿ ತೊಂದರೆ ಎದುರಾಗುತ್ತಿದೆ. ಹೀಗಾಗಿ ಮಹಿಳೆಯರೇ ಸಂಘವನ್ನು ಕಟ್ಟಿಕೊಂಡು ಹೋರಾಟ ನಡೆಸುವ ಅಗತ್ಯವಿದೆ ಎಂದರು. 2023ರಲ್ಲಿ ಸ್ಥಾಪನೆಯಾದ ಈ ಸಂಘವು ರಾಜ್ಯದ ಜಿಲ್ಲಾ ಹಾಗೂ ತಾಲೂಕು ಮಟ್ಟದಲ್ಲಿ ಘಟಕಗಳನ್ನು ಹೊಂದಿದ್ದು, ಮಹಿಳಾ ಉದ್ಯೋಗಿಗಳ ಪ್ರತ್ಯೇಕ ವೇದಿಕೆ ಒದಗಿಸುವ ಗುರಿ ಹೊಂದಿದೆ. ಸಂಘದ ಮೂಲಕ ಸರ್ಕಾರಿ ನೌಕರರ ಸಂಘದಲ್ಲಿ ಮಹಿಳೆಯರಿಗೆ ಪ್ರಾತಿನಿಧ್ಯ ಒದಗಿಸಲಾಗುವುದು ಎಂದರು.
ತೆಗೆದುಕೊಂಡು ಪರಿಹಾರಕ್ಕೆ ಪ್ರಯತ್ನಿಸಲಿದೆ ಎಂದು ಅವರು ಹೇಳಿದರು. ಮಹಿಳಾ ಉದ್ಯೋಗಿಗಳ ಸರ್ವಾಂಗೀಣ ಅಭಿವೃದ್ಧಿಗಾಗಿ ಸಾಂಸ್ಕೃತಿಕ ಕಾರ್ಯಕ್ರಮಗಳು, ಆರೋಗ್ಯ ತಪಾಸಣಾ ಶಿಬಿರಗಳು, ಮಹಿಳಾ ಹಕ್ಕುಗಳ ಜಾಗೃತಿ ಕಾರ್ಯಕ್ರಮಗಳು ಹಾಗೂ ನೌಕರರ ಹಿತ ರಕ್ಷಣೆಗೆ ಸಂಬಂಧಿಸಿದ ವಿವಿಧ ಚಟುವಟಿಕೆಗಳನ್ನು ಸಂಘ ಆಯೋಜಿಸಲಿದೆ. ಮಹಿಳೆಯರಿಗೆ ಅನ್ಯಾಯವಾದ ಸಂದರ್ಭಗಳಲ್ಲಿ ಸಂಘ ಗಟ್ಟಿಯಾಗಿ ಧ್ವನಿ ಎತ್ತಲಿದೆ ಎಂದು ವೀಣಾ ಹೊಸಮನಿ ತಿಳಿಸಿದರು. ಸಂಘದ ಬೆಳಗಾವಿ ಜಿಲ್ಲಾ ಘಟಕದ ಅಧ್ಯಕ್ಷೆ ಗೀತಾ ದಳವಾಯಿ ಮಾತನಾಡಿ, 2025ರ ನವೆಂಬರ್ ಅಂತ್ಯದ ವೇಳೆಗೆ ಜಿಲ್ಲಾ ಘಟಕದ ಪದಾಧಿಕಾರಿಗಳನ್ನು ನೇಮಿಸಲಾಗಿದ್ದು, 2026ರ ಫೆಬ್ರುವರಿಯಲ್ಲಿ ಜಿಲ್ಲಾ ಘಟಕದ ಅಧಿಕೃತ ಉದ್ಘಾಟನಾ ಕಾರ್ಯಕ್ರಮ
ನಗರಸಭೆಯಾಗಿ ಸವದತ್ತಿ
ಯಲ್ಲಮ್ಮ ಪುರಸಭೆ
ಸವದತ್ತಿ, ಜ. 26 :ಸವದತ್ತಿ ಯಲ್ಲಮ್ಮ ಪುರಸಭೆಯನ್ನು ನಗರಸಭೆಯನ್ನಾಗಿ ಮೇಲ್ದರ್ಜೆಗೇರಿಸಲಾಗಿದ್ದು, ಈ ಹಿನ್ನೆಲೆಯಲ್ಲಿ ಪಟ್ಟಣದಲ್ಲಿ ವಿಶೇಷ ಸಮಾರಂಭವನ್ನು ಆಯೋಜಿಸಲಾಗಿತ್ತು. ಸಮಾರಂಭದಲ್ಲಿ ಮಾತನಾಡಿದ ಶಾಸಕರು, ಪಟ್ಟಣದ ಜನತೆಯ ದೀರ್ಘಕಾಲದ ಬೇಡಿಕೆ ಈಡೇರಿದೆ. ನಗರಸಭೆಯಾಗಿ ಮೇಲ್ದರ್ಜೆಗೇರಿರುವುದರಿಂದ ಪಟ್ಟಣದ ಅಭಿವೃದ್ಧಿಗೆ ಹೆಚ್ಚಿನ ಅನುದಾನ ಲಭ್ಯವಾಗಲಿದ್ದು, ಮೂಲಸೌಕರ್ಯ ಕಾಮಗಾರಿಗಳಿಗೆ ವೇಗ ದೊರೆಯಲಿದೆ. ಯಲ್ಲಮ್ಮ ದೇವಸ್ಥಾನಕ್ಕೆ ಬರುವ ಲಕ್ಷಾಂತರ ಭಕ್ತರಿಗೆ ಉತ್ತಮ ಸೌಲಭ್ಯ ಕಲ್ಪಿಸಲು ಇದು ಸಹಕಾರಿಯಾಗಲಿದೆ ಎಂದು ಹೇಳಿದರು. ನಗರಸಭೆಯ ಮೇಲ್ದರ್ಜೆಯ ಪರಿಣಾಮ ಅನುದಾನ, ಸಿಬ್ಬಂದಿ ಹಾಗೂ ವಾರ್ಡ್‌ಗಳ ಸಂಖ್ಯೆಯಲ್ಲಿ ಹೆಚ್ಚಳವಾಗಲಿದ್ದು, ಅಭಿವೃದ್ಧಿ ಕಾರ್ಯಗಳಿಗೆ ವೇಗ ಸಿಗಲಿದೆ. ಸಾರ್ವಜನಿಕ ಸೇವೆಗಳು ಮತ್ತಷ್ಟು ಸುಗಮವಾಗಲಿವೆ. ಮುಖ್ಯಮಂತ್ರಿ ಸಿದ್ದರಾಮಯ್ಯ ಹಾಗೂ ಜಿಲ್ಲಾ ಉಸ್ತುವಾರಿ ಸಚಿವ ಸತೀಶ ಜಾರಕಿಹೊಳಿ ಅವರ ಸಹಕಾರದಿಂದ ನಗರಸಭೆ ಸ್ಥಾನಮಾನ ಲಭಿಸಿದೆ ಎಂದು ಶಾಸಕರು ತಿಳಿಸಿದರು. ಈಗಾಗಲೇ ತಕ್ಷಣದ ಕಾಮಗಾರಿಗಳಿಗಾಗಿ 6 ಕೋಟಿ ಅನುದಾನ ಮಂಜೂರಾಗಿದ್ದು, ಜೊತೆಗೆ ಮುಖ್ಯಮಂತ್ರಿಗಳ ವಿಶೇಷ ಅನುದಾನದಡಿ ಹೆಚ್ಚುವರಿಯಾಗಿ 10 ಕೋಟಿ
(7ನೇ ಪುಟಕ್ಕೆ)
CMYK	CMYK
